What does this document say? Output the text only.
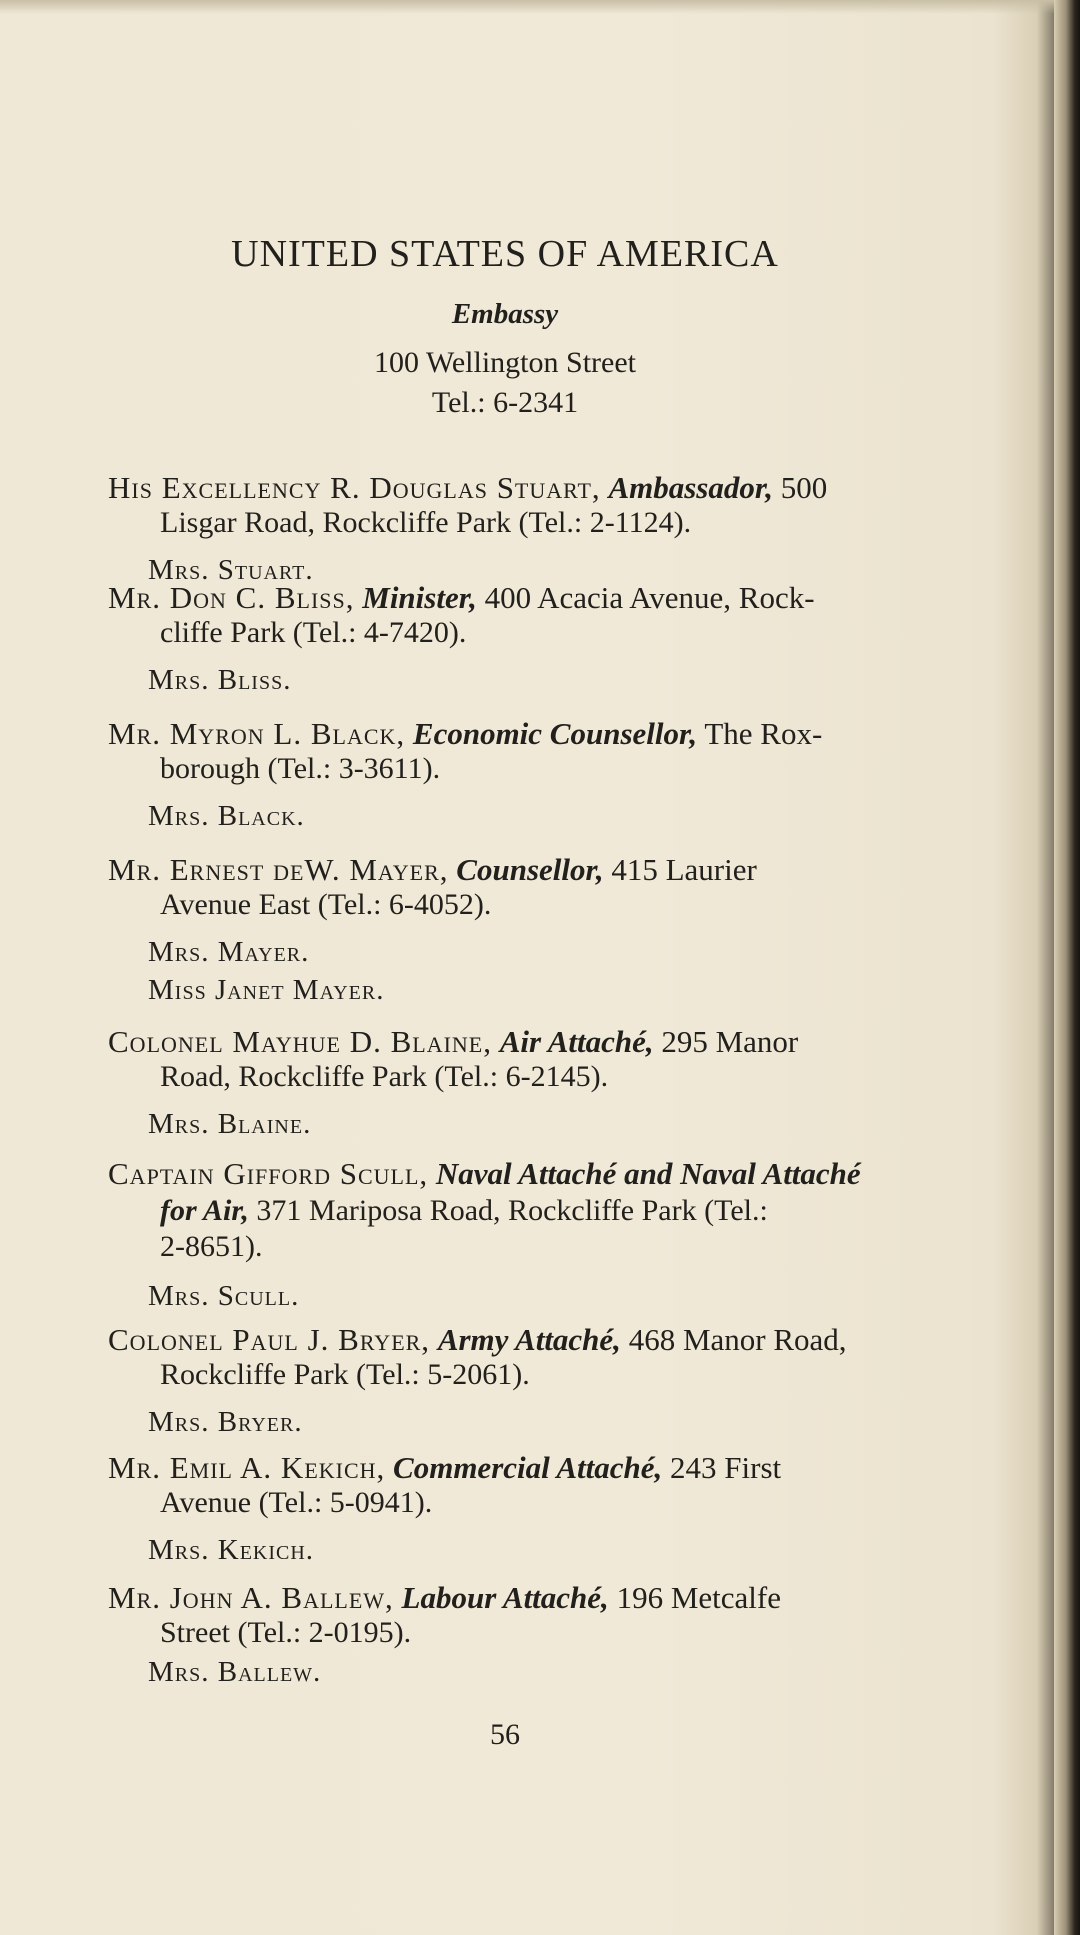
UNITED STATES OF AMERICA
Embassy
100 Wellington Street
Tel.: 6-2341
His Excellency R. Douglas Stuart, Ambassador, 500
Lisgar Road, Rockcliffe Park (Tel.: 2-1124).
Mrs. Stuart.
Mr. Don C. Bliss, Minister, 400 Acacia Avenue, Rock-
cliffe Park (Tel.: 4-7420).
Mrs. Bliss.
Mr. Myron L. Black, Economic Counsellor, The Rox-
borough (Tel.: 3-3611).
Mrs. Black.
Mr. Ernest deW. Mayer, Counsellor, 415 Laurier
Avenue East (Tel.: 6-4052).
Mrs. Mayer.
Miss Janet Mayer.
Colonel Mayhue D. Blaine, Air Attaché, 295 Manor
Road, Rockcliffe Park (Tel.: 6-2145).
Mrs. Blaine.
Captain Gifford Scull, Naval Attaché and Naval Attaché
for Air, 371 Mariposa Road, Rockcliffe Park (Tel.:
2-8651).
Mrs. Scull.
Colonel Paul J. Bryer, Army Attaché, 468 Manor Road,
Rockcliffe Park (Tel.: 5-2061).
Mrs. Bryer.
Mr. Emil A. Kekich, Commercial Attaché, 243 First
Avenue (Tel.: 5-0941).
Mrs. Kekich.
Mr. John A. Ballew, Labour Attaché, 196 Metcalfe
Street (Tel.: 2-0195).
Mrs. Ballew.
56
